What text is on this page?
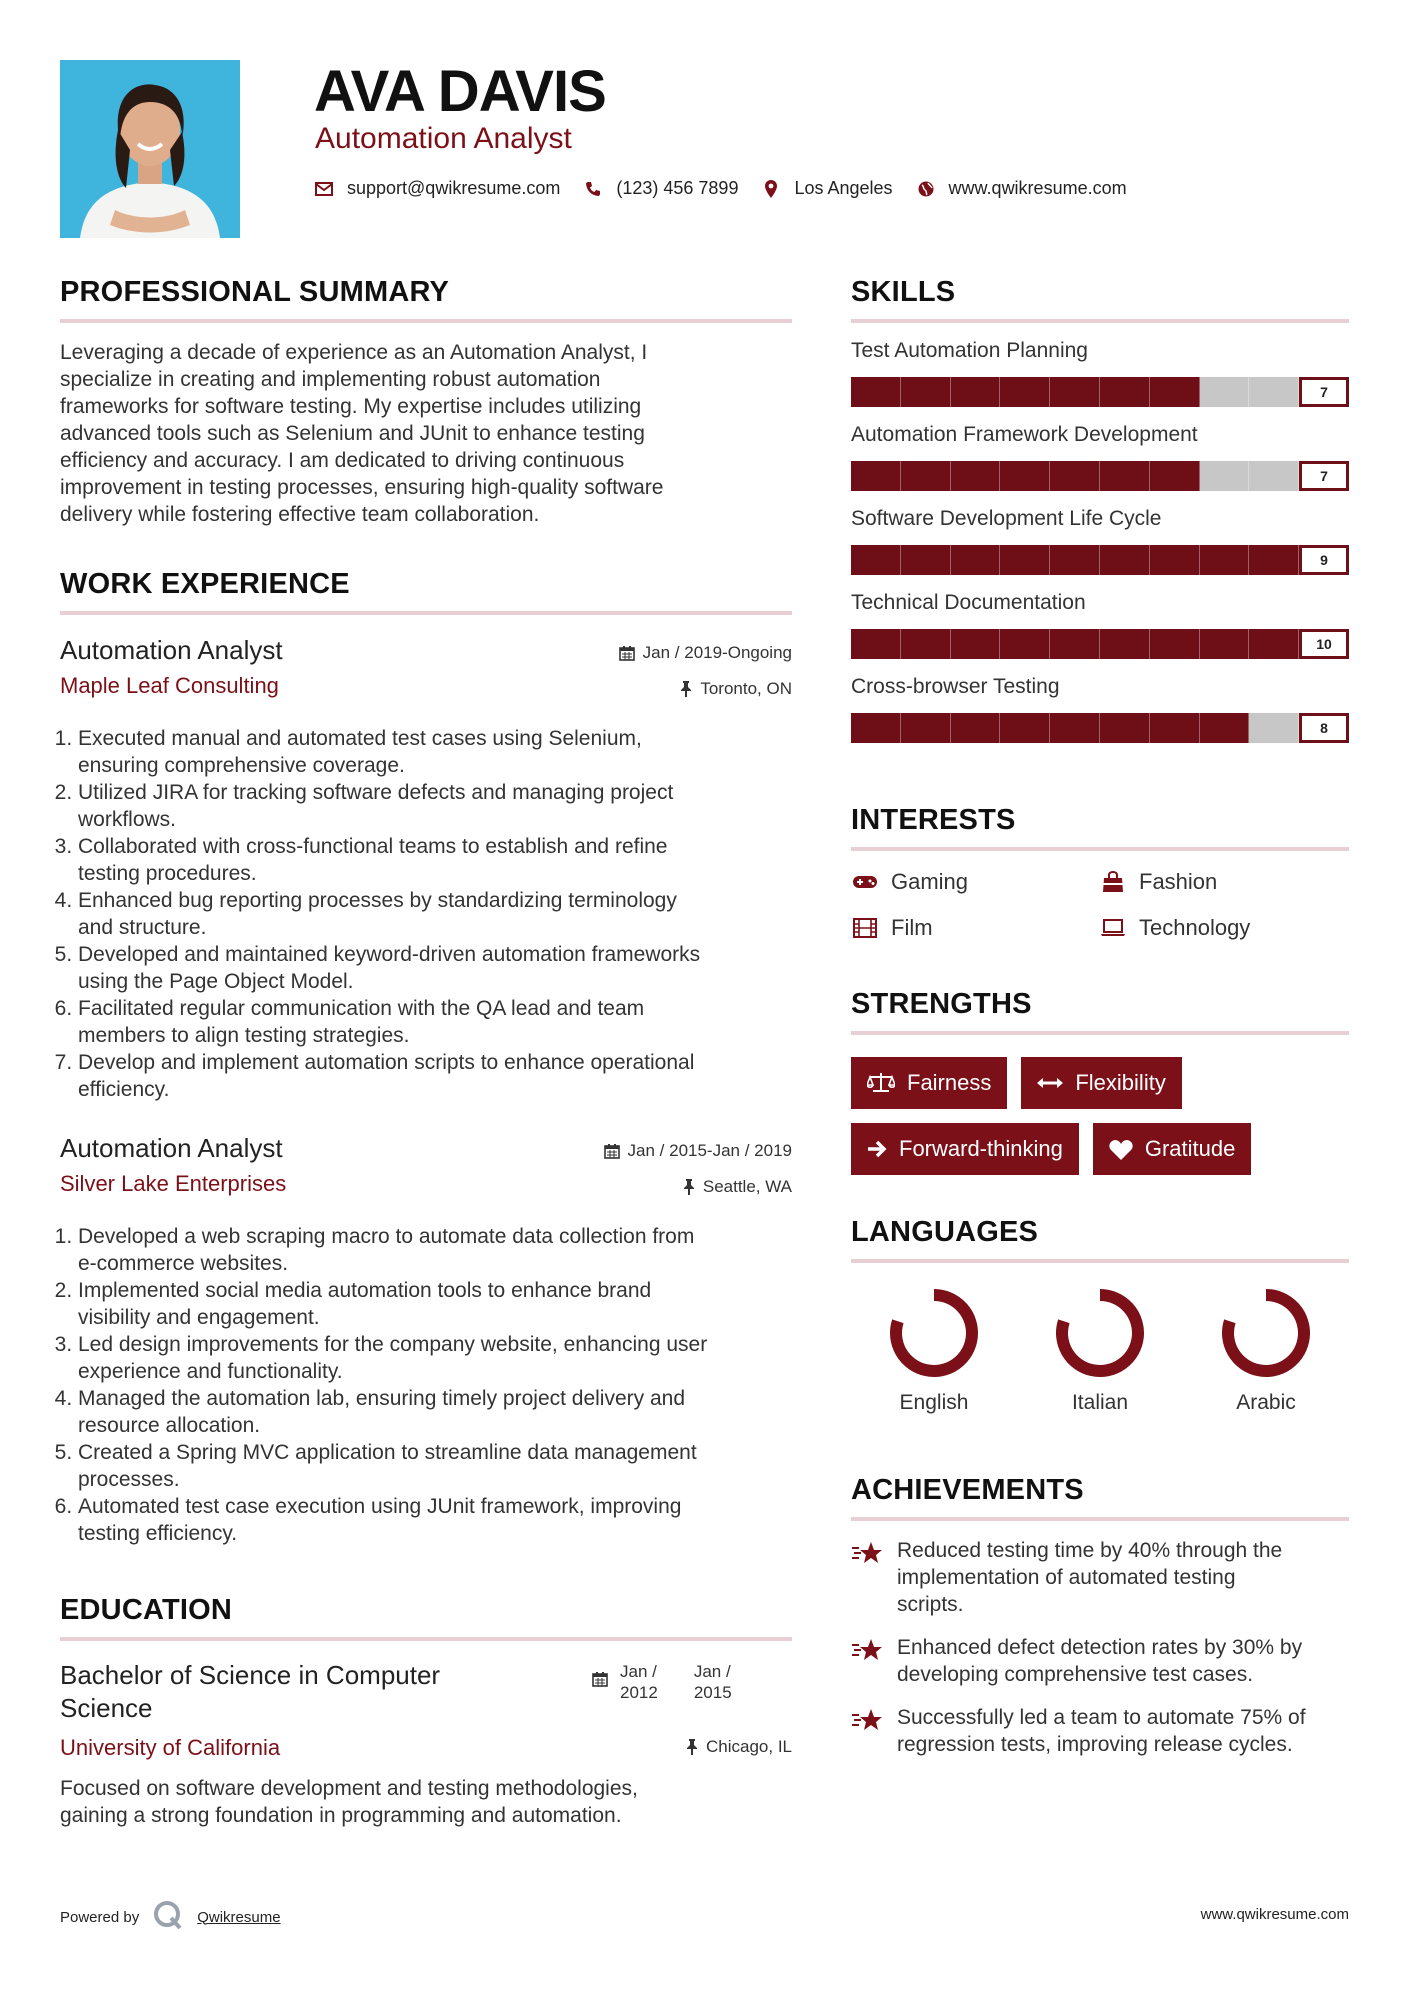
AVA DAVIS
Automation Analyst
support@qwikresume.com	(123) 456 7899	Los Angeles	www.qwikresume.com
PROFESSIONAL SUMMARY
Leveraging a decade of experience as an Automation Analyst, I
specialize in creating and implementing robust automation
frameworks for software testing. My expertise includes utilizing
advanced tools such as Selenium and JUnit to enhance testing
efficiency and accuracy. I am dedicated to driving continuous
improvement in testing processes, ensuring high-quality software
delivery while fostering effective team collaboration.
WORK EXPERIENCE
Automation Analyst
Maple Leaf Consulting
Jan / 2019-Ongoing
Toronto, ON
1. Executed manual and automated test cases using Selenium,
ensuring comprehensive coverage.
2. Utilized JIRA for tracking software defects and managing project
workflows.
3. Collaborated with cross-functional teams to establish and refine
testing procedures.
4. Enhanced bug reporting processes by standardizing terminology
and structure.
5. Developed and maintained keyword-driven automation frameworks
using the Page Object Model.
6. Facilitated regular communication with the QA lead and team
members to align testing strategies.
7. Develop and implement automation scripts to enhance operational
efficiency.
Automation Analyst
Silver Lake Enterprises
Jan / 2015-Jan / 2019
Seattle, WA
1. Developed a web scraping macro to automate data collection from
e-commerce websites.
2. Implemented social media automation tools to enhance brand
visibility and engagement.
3. Led design improvements for the company website, enhancing user
experience and functionality.
4. Managed the automation lab, ensuring timely project delivery and
resource allocation.
5. Created a Spring MVC application to streamline data management
processes.
6. Automated test case execution using JUnit framework, improving
testing efficiency.
EDUCATION
Bachelor of Science in Computer
Science
University of California
Jan /
2012
Jan /
2015
Chicago, IL
Focused on software development and testing methodologies,
gaining a strong foundation in programming and automation.
SKILLS
Test Automation Planning
7
Automation Framework Development
7
Software Development Life Cycle
9
Technical Documentation
10
Cross-browser Testing
8
INTERESTS
Gaming	Fashion
Film	Technology
STRENGTHS
Fairness	Flexibility
Forward-thinking	Gratitude
LANGUAGES
English	Italian	Arabic
ACHIEVEMENTS
Reduced testing time by 40% through the
implementation of automated testing
scripts.
Enhanced defect detection rates by 30% by
developing comprehensive test cases.
Successfully led a team to automate 75% of
regression tests, improving release cycles.
Powered by	Qwikresume	www.qwikresume.com
